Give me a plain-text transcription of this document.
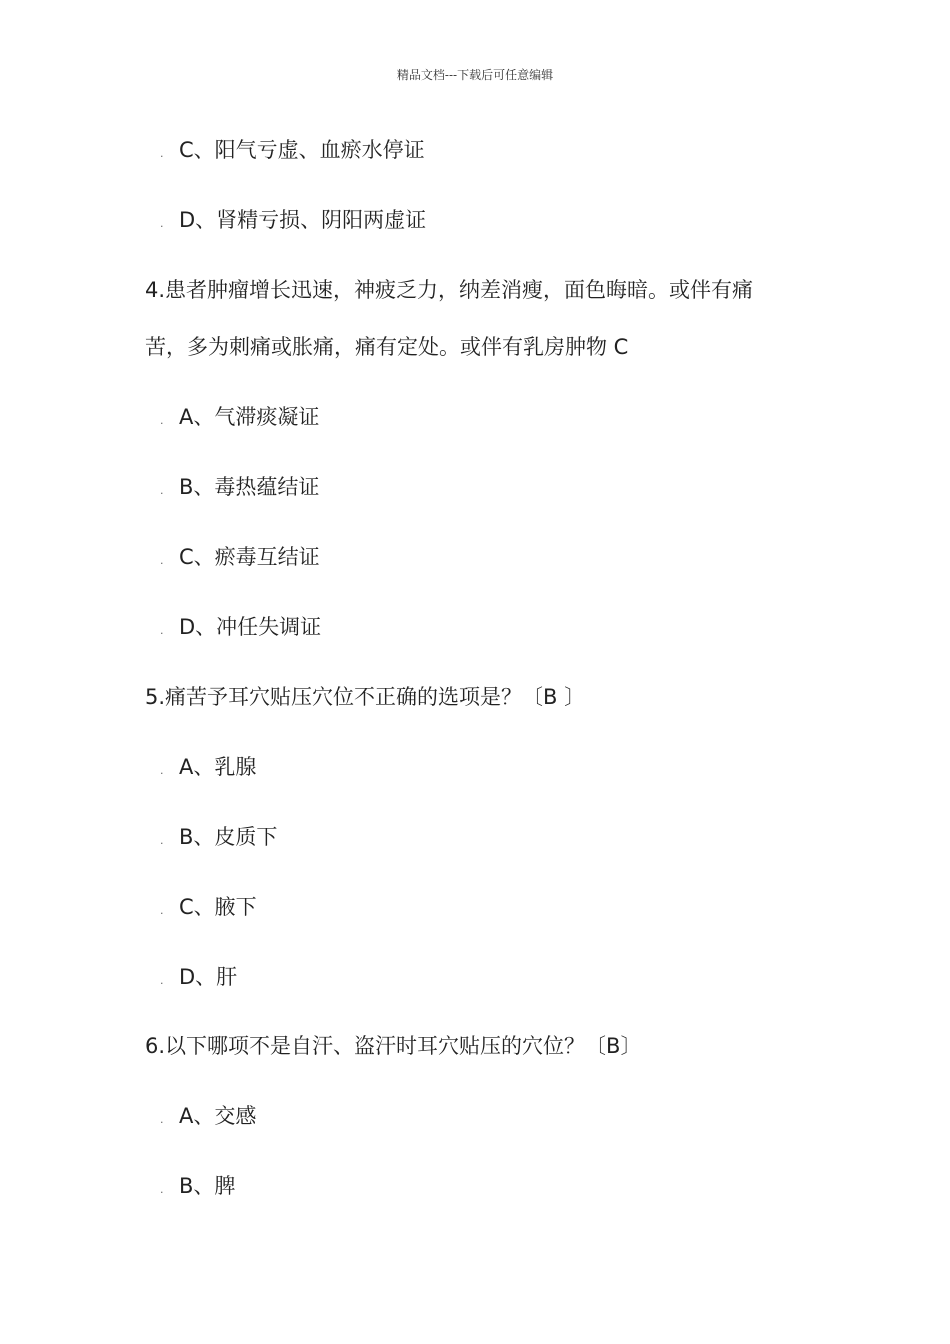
精品文档---下载后可任意编辑
. C、阳气亏虚、血瘀水停证
. D、肾精亏损、阴阳两虚证
4.患者肿瘤增长迅速，神疲乏力，纳差消瘦，面色晦暗。或伴有痛
苦，多为刺痛或胀痛，痛有定处。或伴有乳房肿物 C
. A、气滞痰凝证
. B、毒热蕴结证
. C、瘀毒互结证
. D、冲任失调证
5.痛苦予耳穴贴压穴位不正确的选项是？〔B 〕
. A、乳腺
. B、皮质下
. C、腋下
. D、肝
6.以下哪项不是自汗、盗汗时耳穴贴压的穴位？〔B〕
. A、交感
. B、脾
